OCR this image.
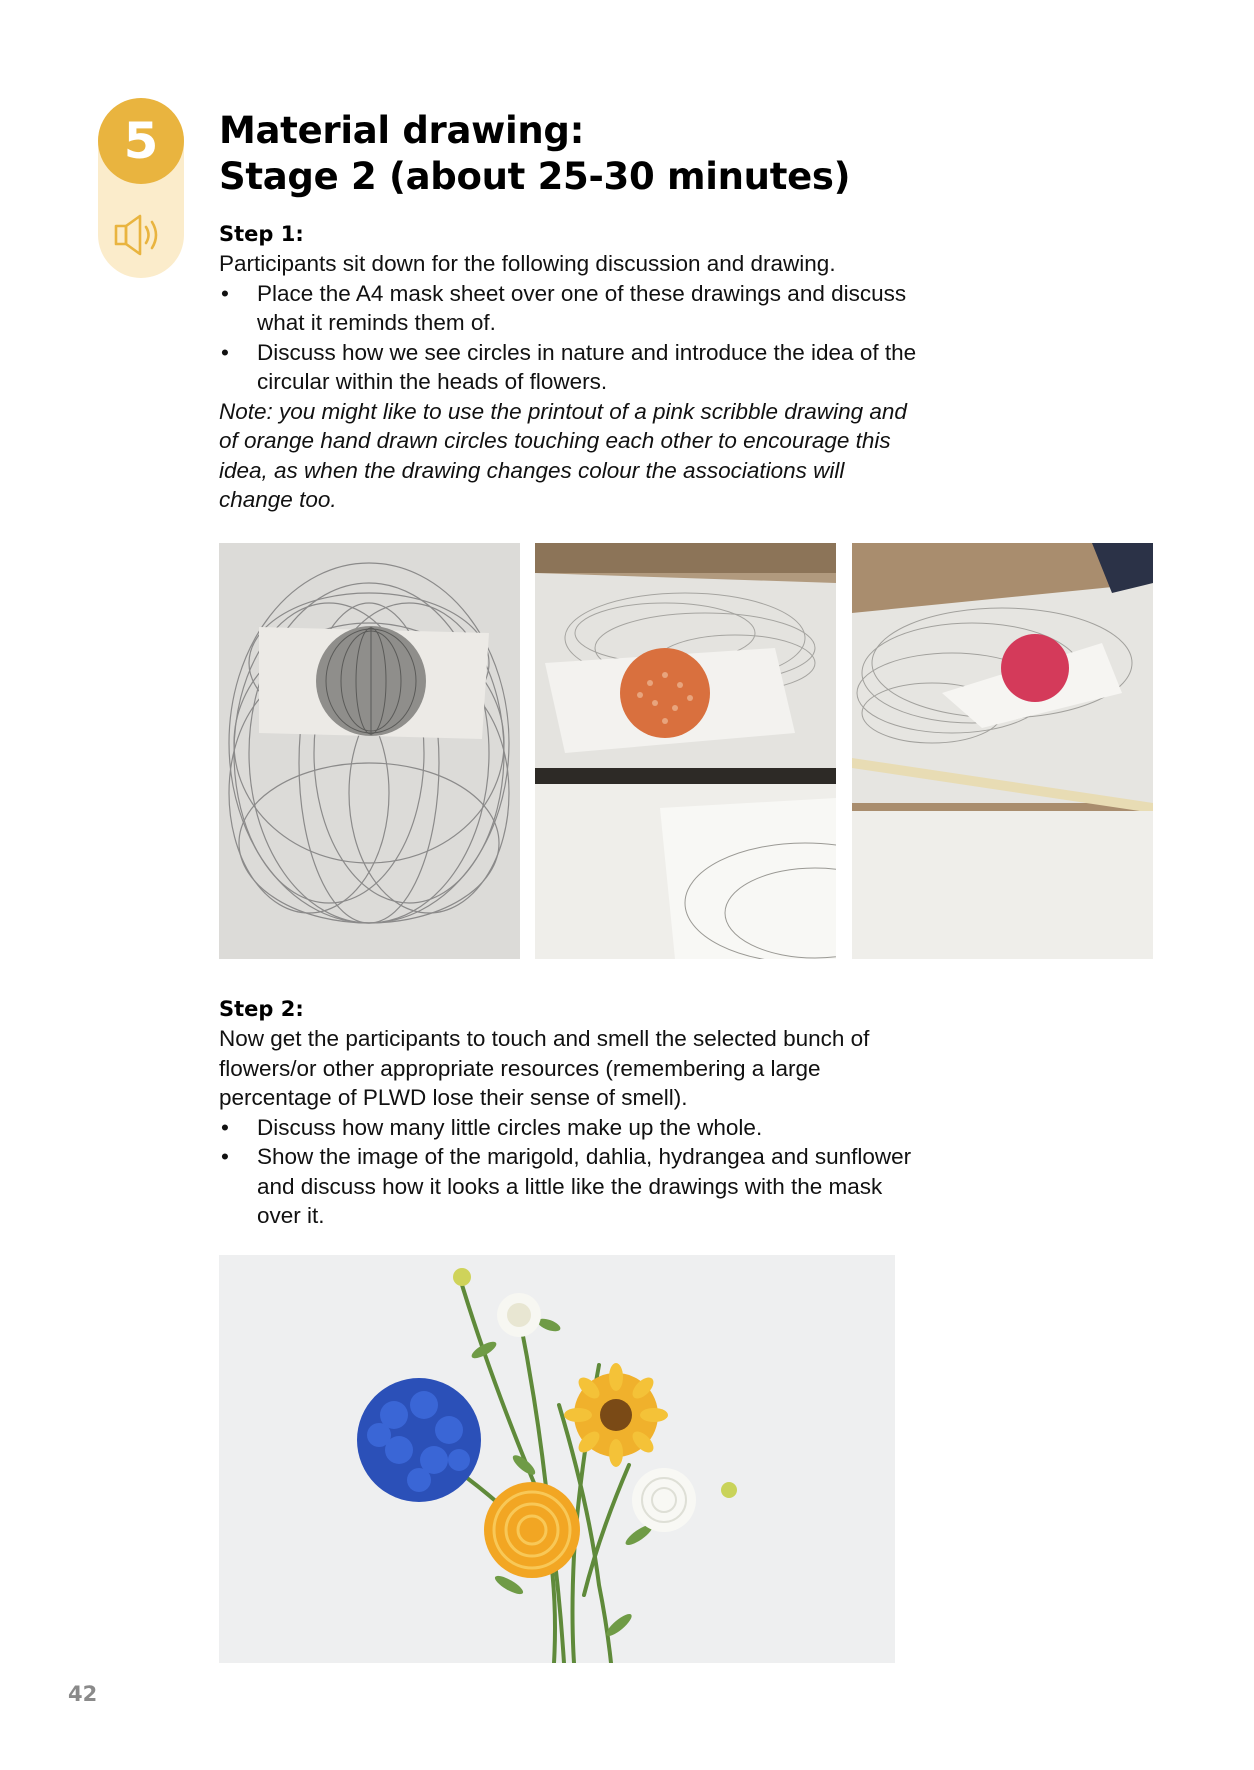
5	Material drawing:
Stage 2 (about 25-30 minutes)
Step 1:

Participants sit down for the following discussion and drawing.

• Place the A4 mask sheet over one of these drawings and discuss what it reminds them of.
• Discuss how we see circles in nature and introduce the idea of the circular within the heads of flowers.

Note: you might like to use the printout of a pink scribble drawing and of orange hand drawn circles touching each other to encourage this idea, as when the drawing changes colour the associations will change too.

Step 2:

Now get the participants to touch and smell the selected bunch of flowers/or other appropriate resources (remembering a large percentage of PLWD lose their sense of smell).

• Discuss how many little circles make up the whole.
• Show the image of the marigold, dahlia, hydrangea and sunflower and discuss how it looks a little like the drawings with the mask over it.
42
